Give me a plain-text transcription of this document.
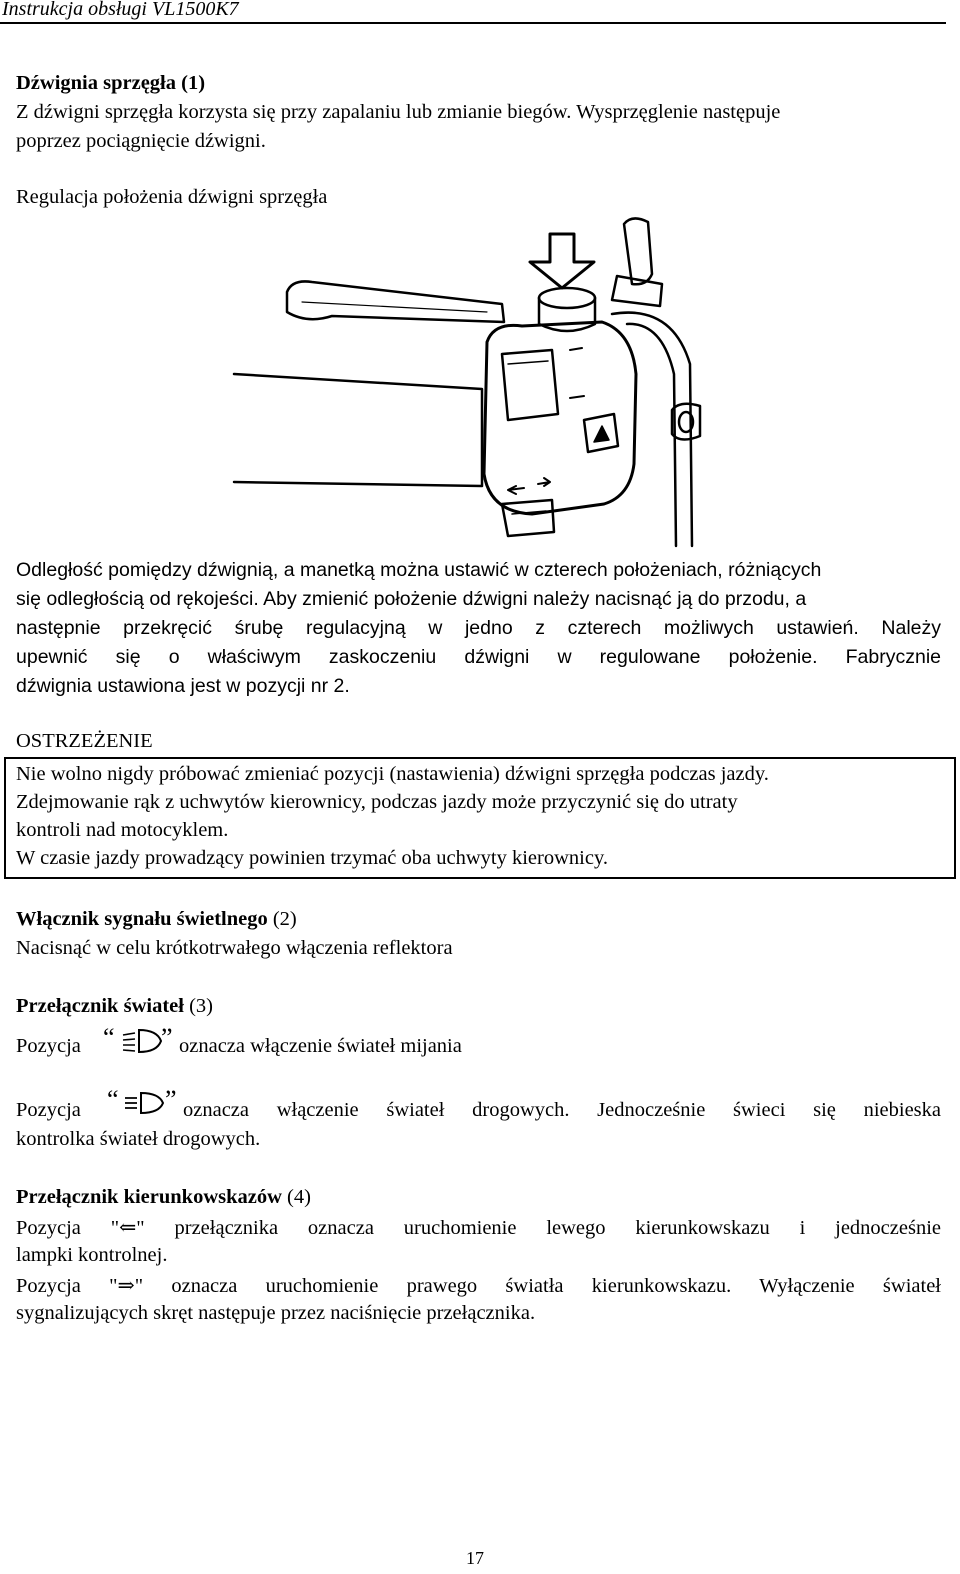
Instrukcja obsługi VL1500K7
Dźwignia sprzęgła (1)
Z dźwigni sprzęgła korzysta się przy zapalaniu lub zmianie biegów. Wysprzęglenie następuje
poprzez pociągnięcie dźwigni.
Regulacja położenia dźwigni sprzęgła
Odległość pomiędzy dźwignią, a manetką można ustawić w czterech położeniach, różniących
się odległością od rękojeści. Aby zmienić położenie dźwigni należy nacisnąć ją do przodu, a
następnie przekręcić śrubę regulacyjną w jedno z czterech możliwych ustawień. Należy
upewnić się o właściwym zaskoczeniu dźwigni w regulowane położenie. Fabrycznie
dźwignia ustawiona jest w pozycji nr 2.
OSTRZEŻENIE
Nie wolno nigdy próbować zmieniać pozycji (nastawienia) dźwigni sprzęgła podczas jazdy.
Zdejmowanie rąk z uchwytów kierownicy, podczas jazdy może przyczynić się do utraty
kontroli nad motocyklem.
W czasie jazdy prowadzący powinien trzymać oba uchwyty kierownicy.
Włącznik sygnału świetlnego (2)
Nacisnąć w celu krótkotrwałego włączenia reflektora
Przełącznik świateł (3)
Pozycja “ ” oznacza włączenie świateł mijania
Pozycja “ ” oznacza włączenie świateł drogowych. Jednocześnie świeci się niebieska
kontrolka świateł drogowych.
Przełącznik kierunkowskazów (4)
Pozycja "⇐" przełącznika oznacza uruchomienie lewego kierunkowskazu i jednocześnie
lampki kontrolnej.
Pozycja "⇒" oznacza uruchomienie prawego światła kierunkowskazu. Wyłączenie świateł
sygnalizujących skręt następuje przez naciśnięcie przełącznika.
17
